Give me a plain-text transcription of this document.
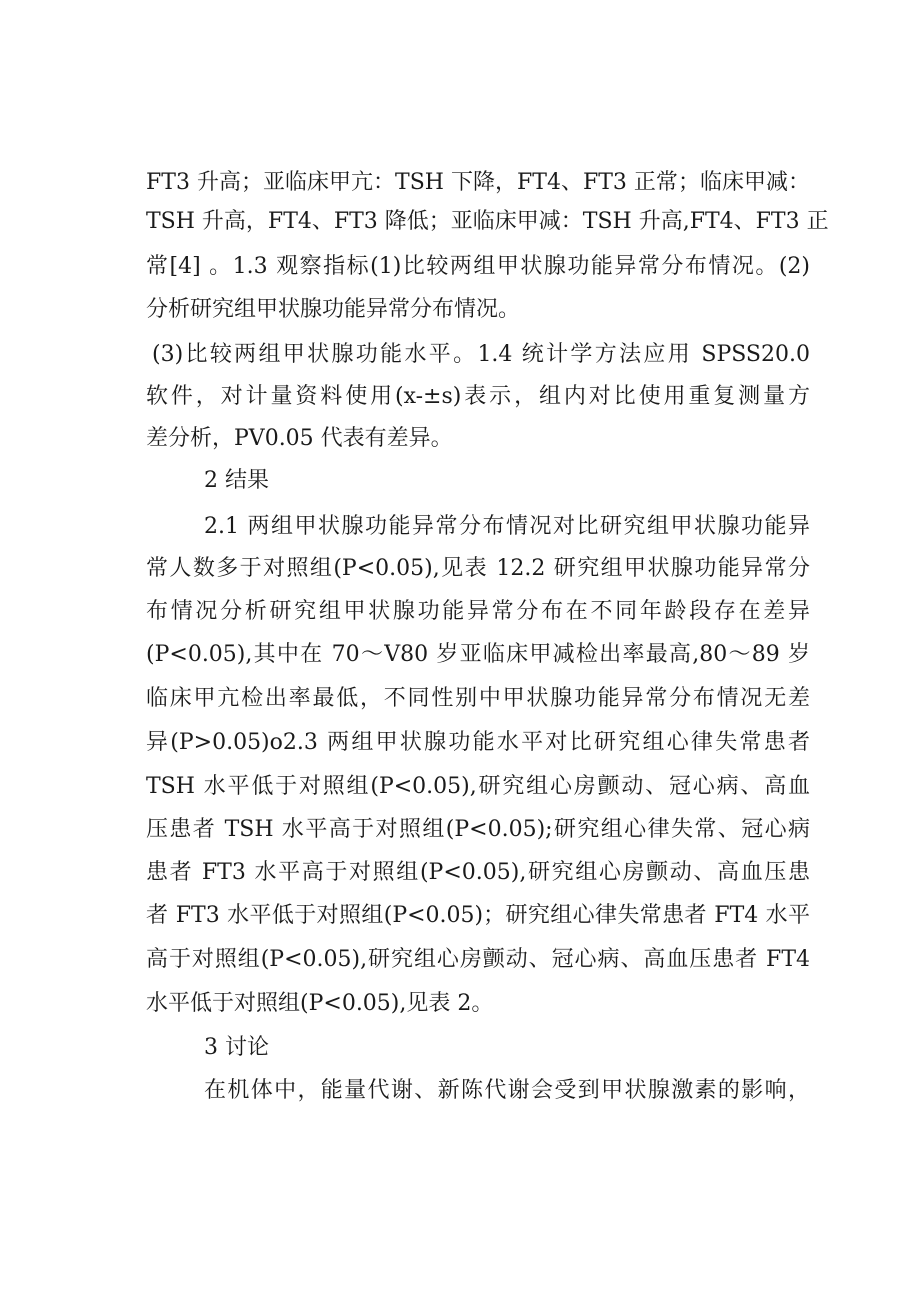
FT3 升高；亚临床甲亢：TSH 下降，FT4、FT3 正常；临床甲减：
TSH 升高，FT4、FT3 降低；亚临床甲减：TSH 升高,FT4、FT3 正
常[4] 。1.3 观察指标(1)比较两组甲状腺功能异常分布情况。(2)
分析研究组甲状腺功能异常分布情况。
(3)比较两组甲状腺功能水平。1.4 统计学方法应用 SPSS20.0
软件，对计量资料使用(x-±s)表示，组内对比使用重复测量方
差分析，PV0.05 代表有差异。
2 结果
2.1 两组甲状腺功能异常分布情况对比研究组甲状腺功能异
常人数多于对照组(P<0.05),见表 12.2 研究组甲状腺功能异常分
布情况分析研究组甲状腺功能异常分布在不同年龄段存在差异
(P<0.05),其中在 70～V80 岁亚临床甲减检出率最高,80～89 岁
临床甲亢检出率最低，不同性别中甲状腺功能异常分布情况无差
异(P>0.05)o2.3 两组甲状腺功能水平对比研究组心律失常患者
TSH 水平低于对照组(P<0.05),研究组心房颤动、冠心病、高血
压患者 TSH 水平高于对照组(P<0.05);研究组心律失常、冠心病
患者 FT3 水平高于对照组(P<0.05),研究组心房颤动、高血压患
者 FT3 水平低于对照组(P<0.05)；研究组心律失常患者 FT4 水平
高于对照组(P<0.05),研究组心房颤动、冠心病、高血压患者 FT4
水平低于对照组(P<0.05),见表 2。
3 讨论
在机体中，能量代谢、新陈代谢会受到甲状腺激素的影响，
